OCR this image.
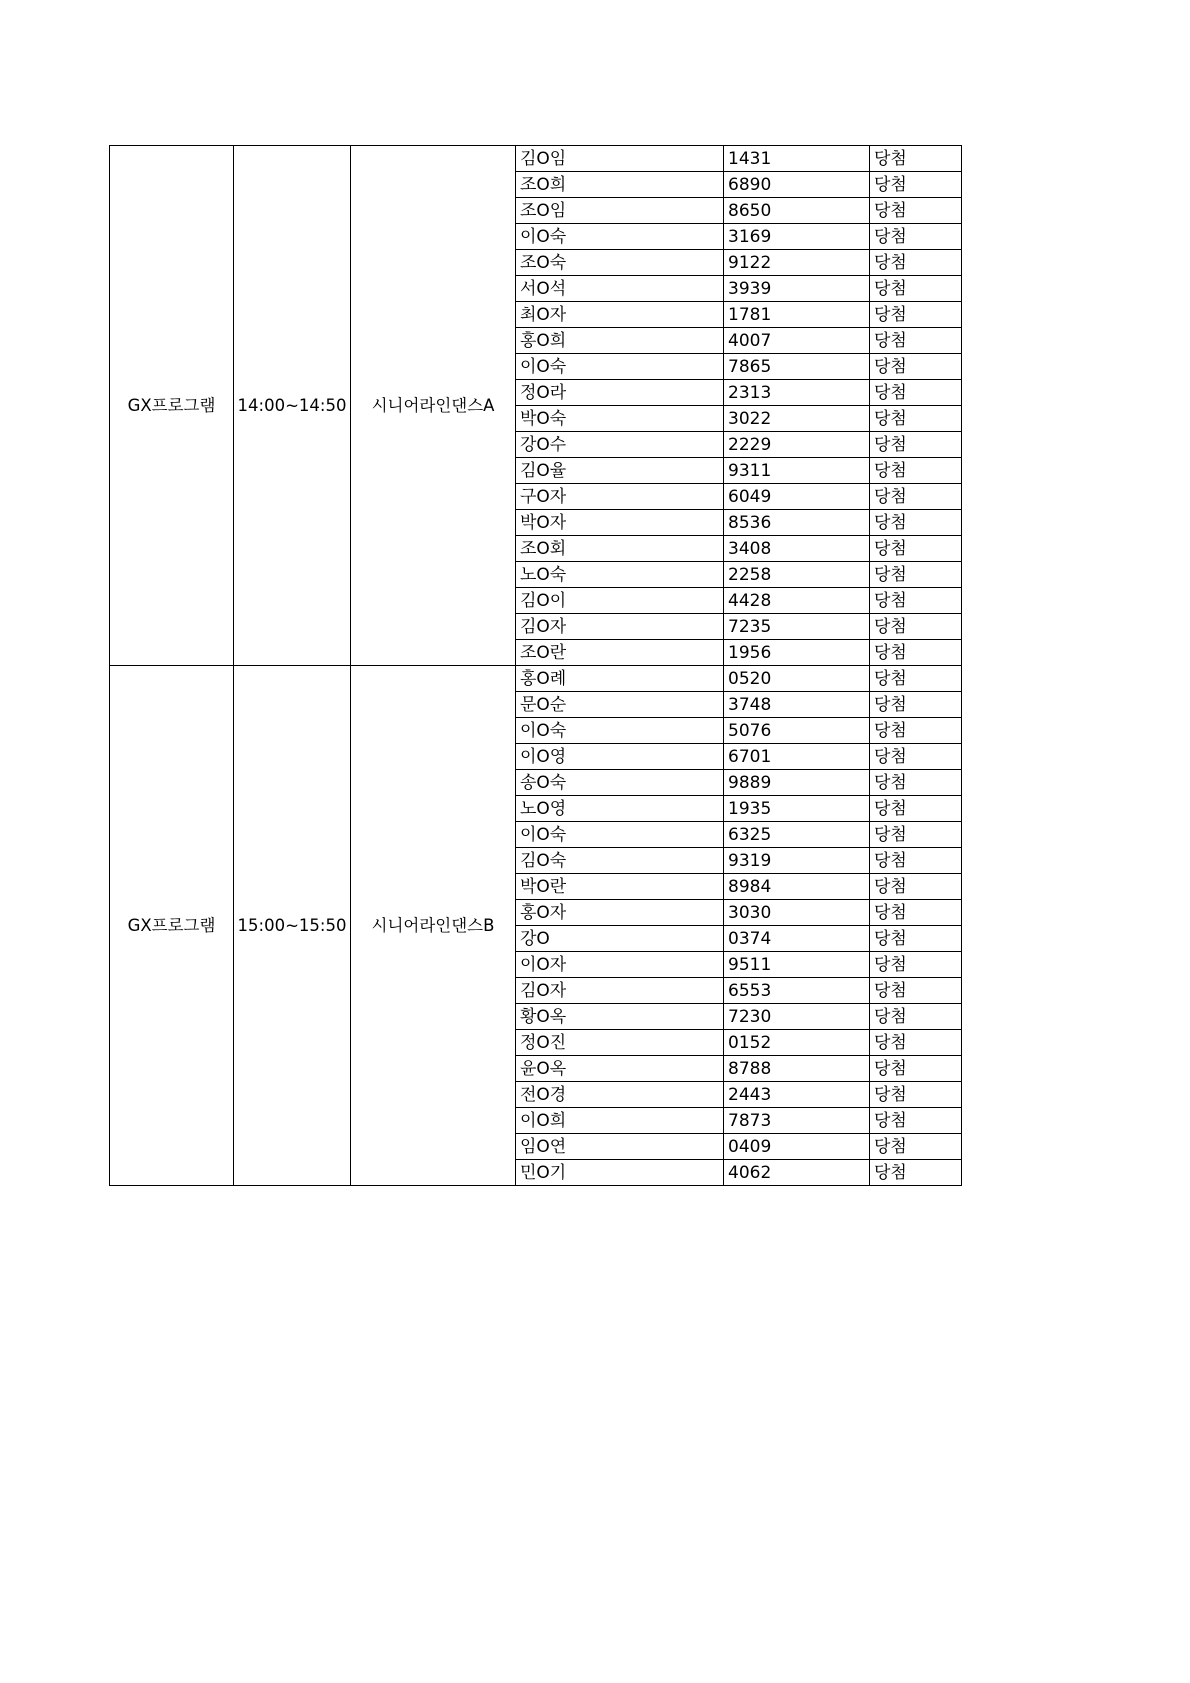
GX프로그램	14:00~14:50	시니어라인댄스A	김O임	1431	당첨
			조O희	6890	당첨
			조O임	8650	당첨
			이O숙	3169	당첨
			조O숙	9122	당첨
			서O석	3939	당첨
			최O자	1781	당첨
			홍O희	4007	당첨
			이O숙	7865	당첨
			정O라	2313	당첨
			박O숙	3022	당첨
			강O수	2229	당첨
			김O율	9311	당첨
			구O자	6049	당첨
			박O자	8536	당첨
			조O회	3408	당첨
			노O숙	2258	당첨
			김O이	4428	당첨
			김O자	7235	당첨
			조O란	1956	당첨
GX프로그램	15:00~15:50	시니어라인댄스B	홍O례	0520	당첨
			문O순	3748	당첨
			이O숙	5076	당첨
			이O영	6701	당첨
			송O숙	9889	당첨
			노O영	1935	당첨
			이O숙	6325	당첨
			김O숙	9319	당첨
			박O란	8984	당첨
			홍O자	3030	당첨
			강O	0374	당첨
			이O자	9511	당첨
			김O자	6553	당첨
			황O옥	7230	당첨
			정O진	0152	당첨
			윤O옥	8788	당첨
			전O경	2443	당첨
			이O희	7873	당첨
			임O연	0409	당첨
			민O기	4062	당첨
